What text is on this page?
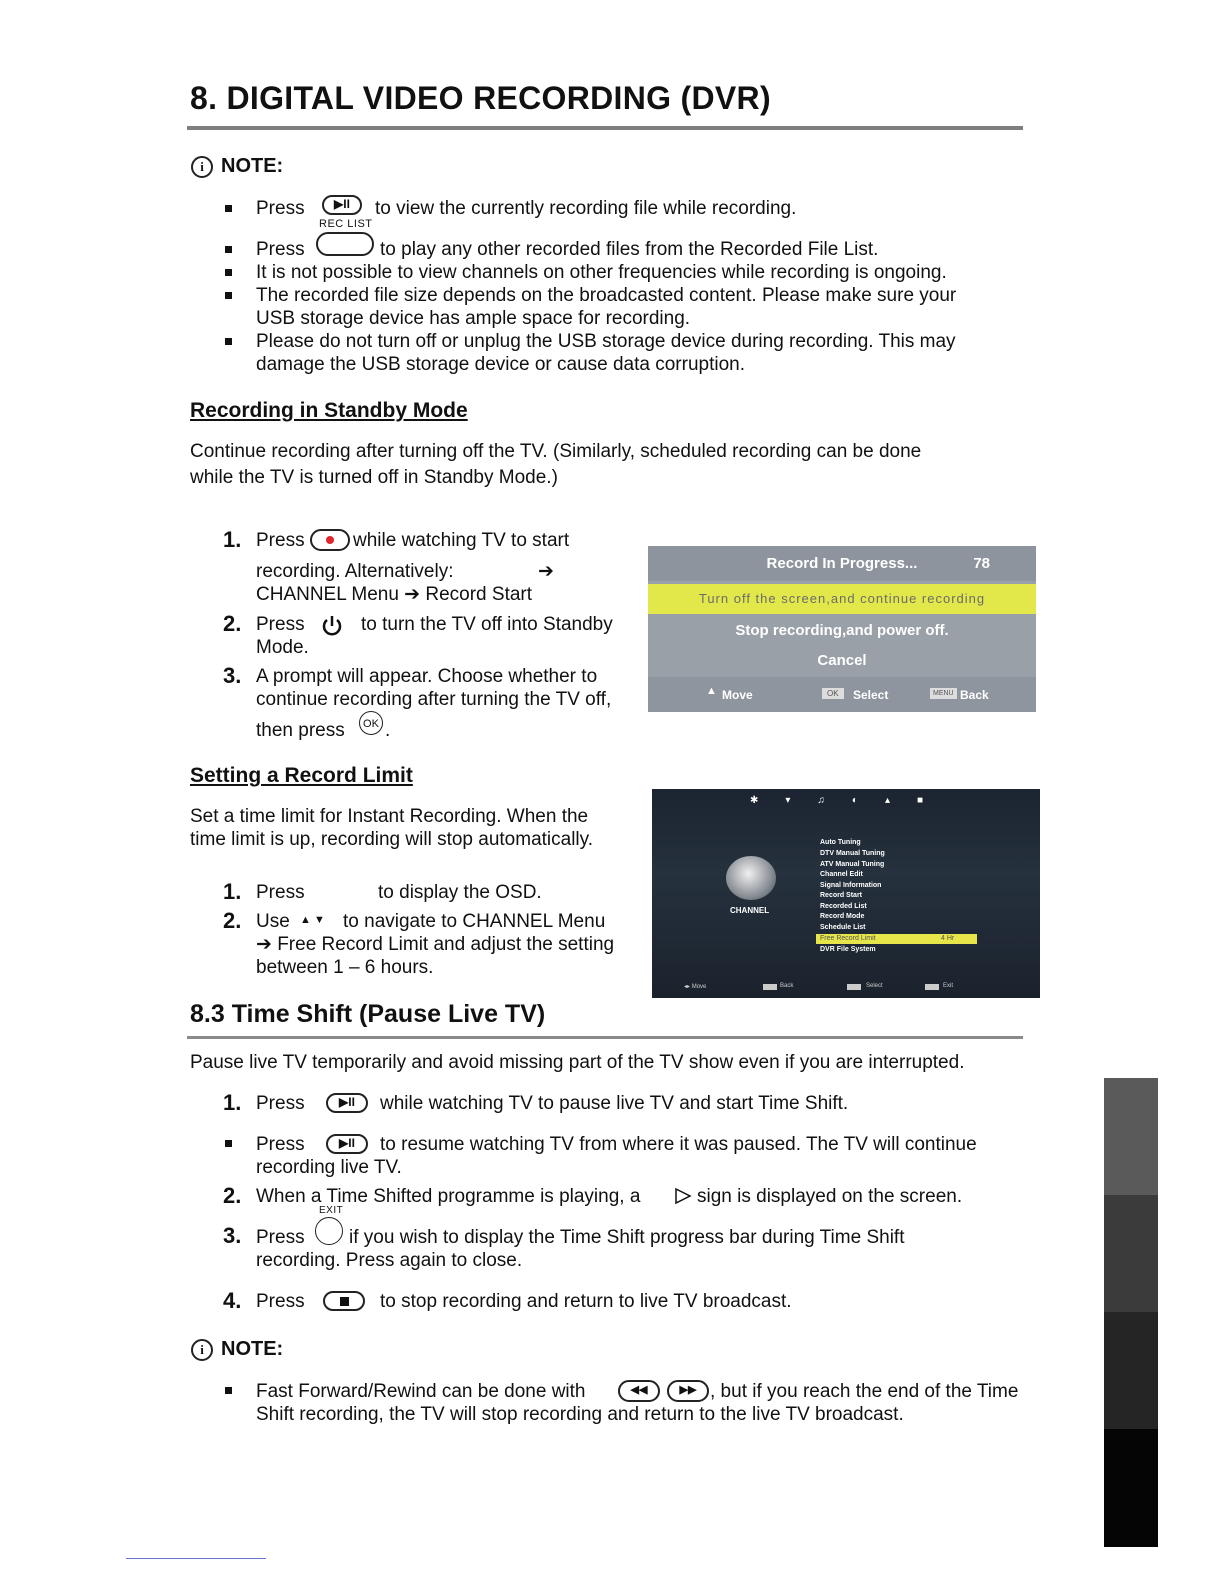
8. DIGITAL VIDEO RECORDING (DVR)
i NOTE:
Press	▶II	to view the currently recording file while recording.
REC LIST
Press	to play any other recorded files from the Recorded File List.
It is not possible to view channels on other frequencies while recording is ongoing.
The recorded file size depends on the broadcasted content. Please make sure your
USB storage device has ample space for recording.
Please do not turn off or unplug the USB storage device during recording. This may
damage the USB storage device or cause data corruption.
Recording in Standby Mode
Continue recording after turning off the TV. (Similarly, scheduled recording can be done
while the TV is turned off in Standby Mode.)
1. Press	while watching TV to start
recording. Alternatively:	➔
CHANNEL Menu ➔ Record Start
2. Press	to turn the TV off into Standby
Mode.
3. A prompt will appear. Choose whether to
continue recording after turning the TV off,
then press	OK .
Record In Progress...	78
Turn off the screen,and continue recording
Stop recording,and power off.
Cancel
▲ Move	OK	Select	MENU Back
Setting a Record Limit
Set a time limit for Instant Recording. When the
time limit is up, recording will stop automatically.
1. Press	to display the OSD.
2. Use ▲ ▼ to navigate to CHANNEL Menu
➔ Free Record Limit and adjust the setting
between 1 – 6 hours.
✱▾♫◐▴■
CHANNEL
Auto Tuning
DTV Manual Tuning
ATV Manual Tuning
Channel Edit
Signal Information
Record Start
Recorded List
Record Mode
Schedule List
Free Record Limit	4 Hr
DVR File System
◂▸ Move	Back	Select	Exit
8.3 Time Shift (Pause Live TV)
Pause live TV temporarily and avoid missing part of the TV show even if you are interrupted.
1. Press	▶II	while watching TV to pause live TV and start Time Shift.
Press	▶II	to resume watching TV from where it was paused. The TV will continue
recording live TV.
2. When a Time Shifted programme is playing, a	sign is displayed on the screen.
EXIT
3. Press if you wish to display the Time Shift progress bar during Time Shift
recording. Press again to close.
4. Press	to stop recording and return to live TV broadcast.
i NOTE:
Fast Forward/Rewind can be done with	◀◀	▶▶ , but if you reach the end of the Time
Shift recording, the TV will stop recording and return to the live TV broadcast.
